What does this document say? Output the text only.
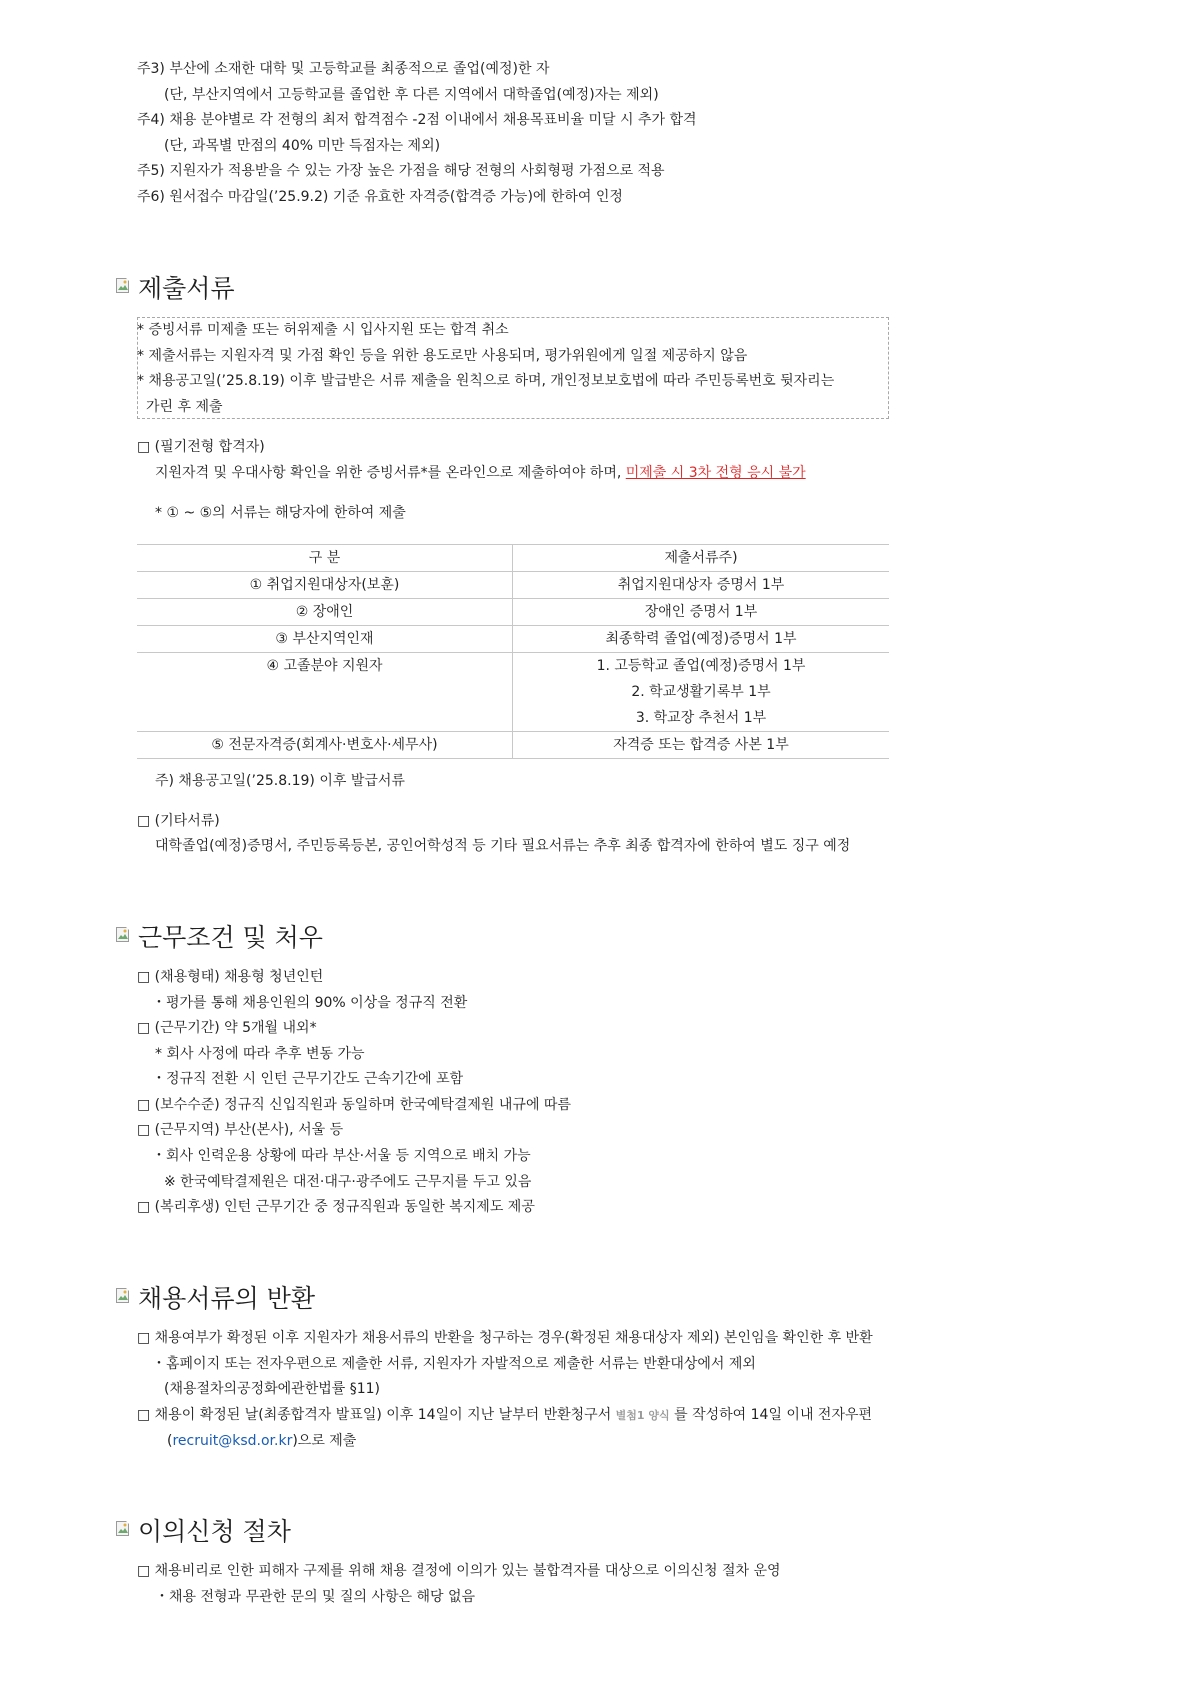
주3) 부산에 소재한 대학 및 고등학교를 최종적으로 졸업(예정)한 자
(단, 부산지역에서 고등학교를 졸업한 후 다른 지역에서 대학졸업(예정)자는 제외)
주4) 채용 분야별로 각 전형의 최저 합격점수 -2점 이내에서 채용목표비율 미달 시 추가 합격
(단, 과목별 만점의 40% 미만 득점자는 제외)
주5) 지원자가 적용받을 수 있는 가장 높은 가점을 해당 전형의 사회형평 가점으로 적용
주6) 원서접수 마감일(’25.9.2) 기준 유효한 자격증(합격증 가능)에 한하여 인정
제출서류
* 증빙서류 미제출 또는 허위제출 시 입사지원 또는 합격 취소
* 제출서류는 지원자격 및 가점 확인 등을 위한 용도로만 사용되며, 평가위원에게 일절 제공하지 않음
* 채용공고일(’25.8.19) 이후 발급받은 서류 제출을 원칙으로 하며, 개인정보보호법에 따라 주민등록번호 뒷자리는
가린 후 제출
□ (필기전형 합격자)
지원자격 및 우대사항 확인을 위한 증빙서류*를 온라인으로 제출하여야 하며, 미제출 시 3차 전형 응시 불가
* ① ~ ⑤의 서류는 해당자에 한하여 제출
구 분	제출서류주)
① 취업지원대상자(보훈)	취업지원대상자 증명서 1부
② 장애인	장애인 증명서 1부
③ 부산지역인재	최종학력 졸업(예정)증명서 1부
④ 고졸분야 지원자	1. 고등학교 졸업(예정)증명서 1부
2. 학교생활기록부 1부
3. 학교장 추천서 1부

⑤ 전문자격증(회계사·변호사·세무사)	자격증 또는 합격증 사본 1부
주) 채용공고일(’25.8.19) 이후 발급서류
□ (기타서류)
대학졸업(예정)증명서, 주민등록등본, 공인어학성적 등 기타 필요서류는 추후 최종 합격자에 한하여 별도 징구 예정
근무조건 및 처우
□ (채용형태) 채용형 청년인턴
・평가를 통해 채용인원의 90% 이상을 정규직 전환
□ (근무기간) 약 5개월 내외*
* 회사 사정에 따라 추후 변동 가능
・정규직 전환 시 인턴 근무기간도 근속기간에 포함
□ (보수수준) 정규직 신입직원과 동일하며 한국예탁결제원 내규에 따름
□ (근무지역) 부산(본사), 서울 등
・회사 인력운용 상황에 따라 부산·서울 등 지역으로 배치 가능
※ 한국예탁결제원은 대전·대구·광주에도 근무지를 두고 있음
□ (복리후생) 인턴 근무기간 중 정규직원과 동일한 복지제도 제공
채용서류의 반환
□ 채용여부가 확정된 이후 지원자가 채용서류의 반환을 청구하는 경우(확정된 채용대상자 제외) 본인임을 확인한 후 반환
・홈페이지 또는 전자우편으로 제출한 서류, 지원자가 자발적으로 제출한 서류는 반환대상에서 제외
(채용절차의공정화에관한법률 §11)
□ 채용이 확정된 날(최종합격자 발표일) 이후 14일이 지난 날부터 반환청구서 별첨1 양식 를 작성하여 14일 이내 전자우편
(recruit@ksd.or.kr)으로 제출
이의신청 절차
□ 채용비리로 인한 피해자 구제를 위해 채용 결정에 이의가 있는 불합격자를 대상으로 이의신청 절차 운영
・채용 전형과 무관한 문의 및 질의 사항은 해당 없음
